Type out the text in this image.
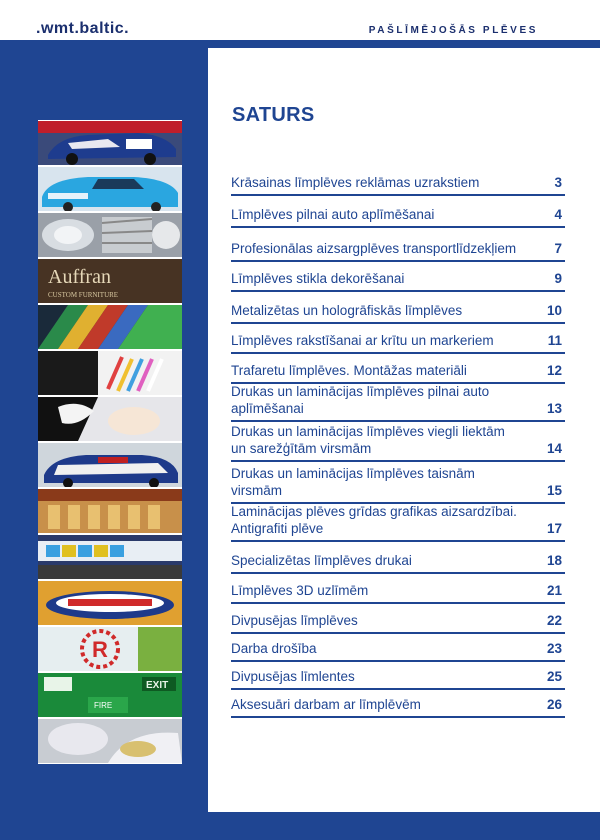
.wmt.baltic.	PAŠLĪMĒJOŠĀS PLĒVES
SATURS
Auffran
CUSTOM FURNITURE
R
EXIT
FIRE
Krāsainas līmplēves reklāmas uzrakstiem	3
Līmplēves pilnai auto aplīmēšanai	4
Profesionālas aizsargplēves transportlīdzekļiem	7
Līmplēves stikla dekorēšanai	9
Metalizētas un hologrāfiskās līmplēves	10
Līmplēves rakstīšanai ar krītu un markeriem	11
Trafaretu līmplēves. Montāžas materiāli	12
Drukas un laminācijas līmplēves pilnai auto aplīmēšanai	13
Drukas un laminācijas līmplēves viegli liektām un sarežģītām virsmām	14
Drukas un laminācijas līmplēves taisnām virsmām	15
Laminācijas plēves grīdas grafikas aizsardzībai. Antigrafiti plēve	17
Specializētas līmplēves drukai	18
Līmplēves 3D uzlīmēm	21
Divpusējas līmplēves	22
Darba drošība	23
Divpusējas līmlentes	25
Aksesuāri darbam ar līmplēvēm	26
